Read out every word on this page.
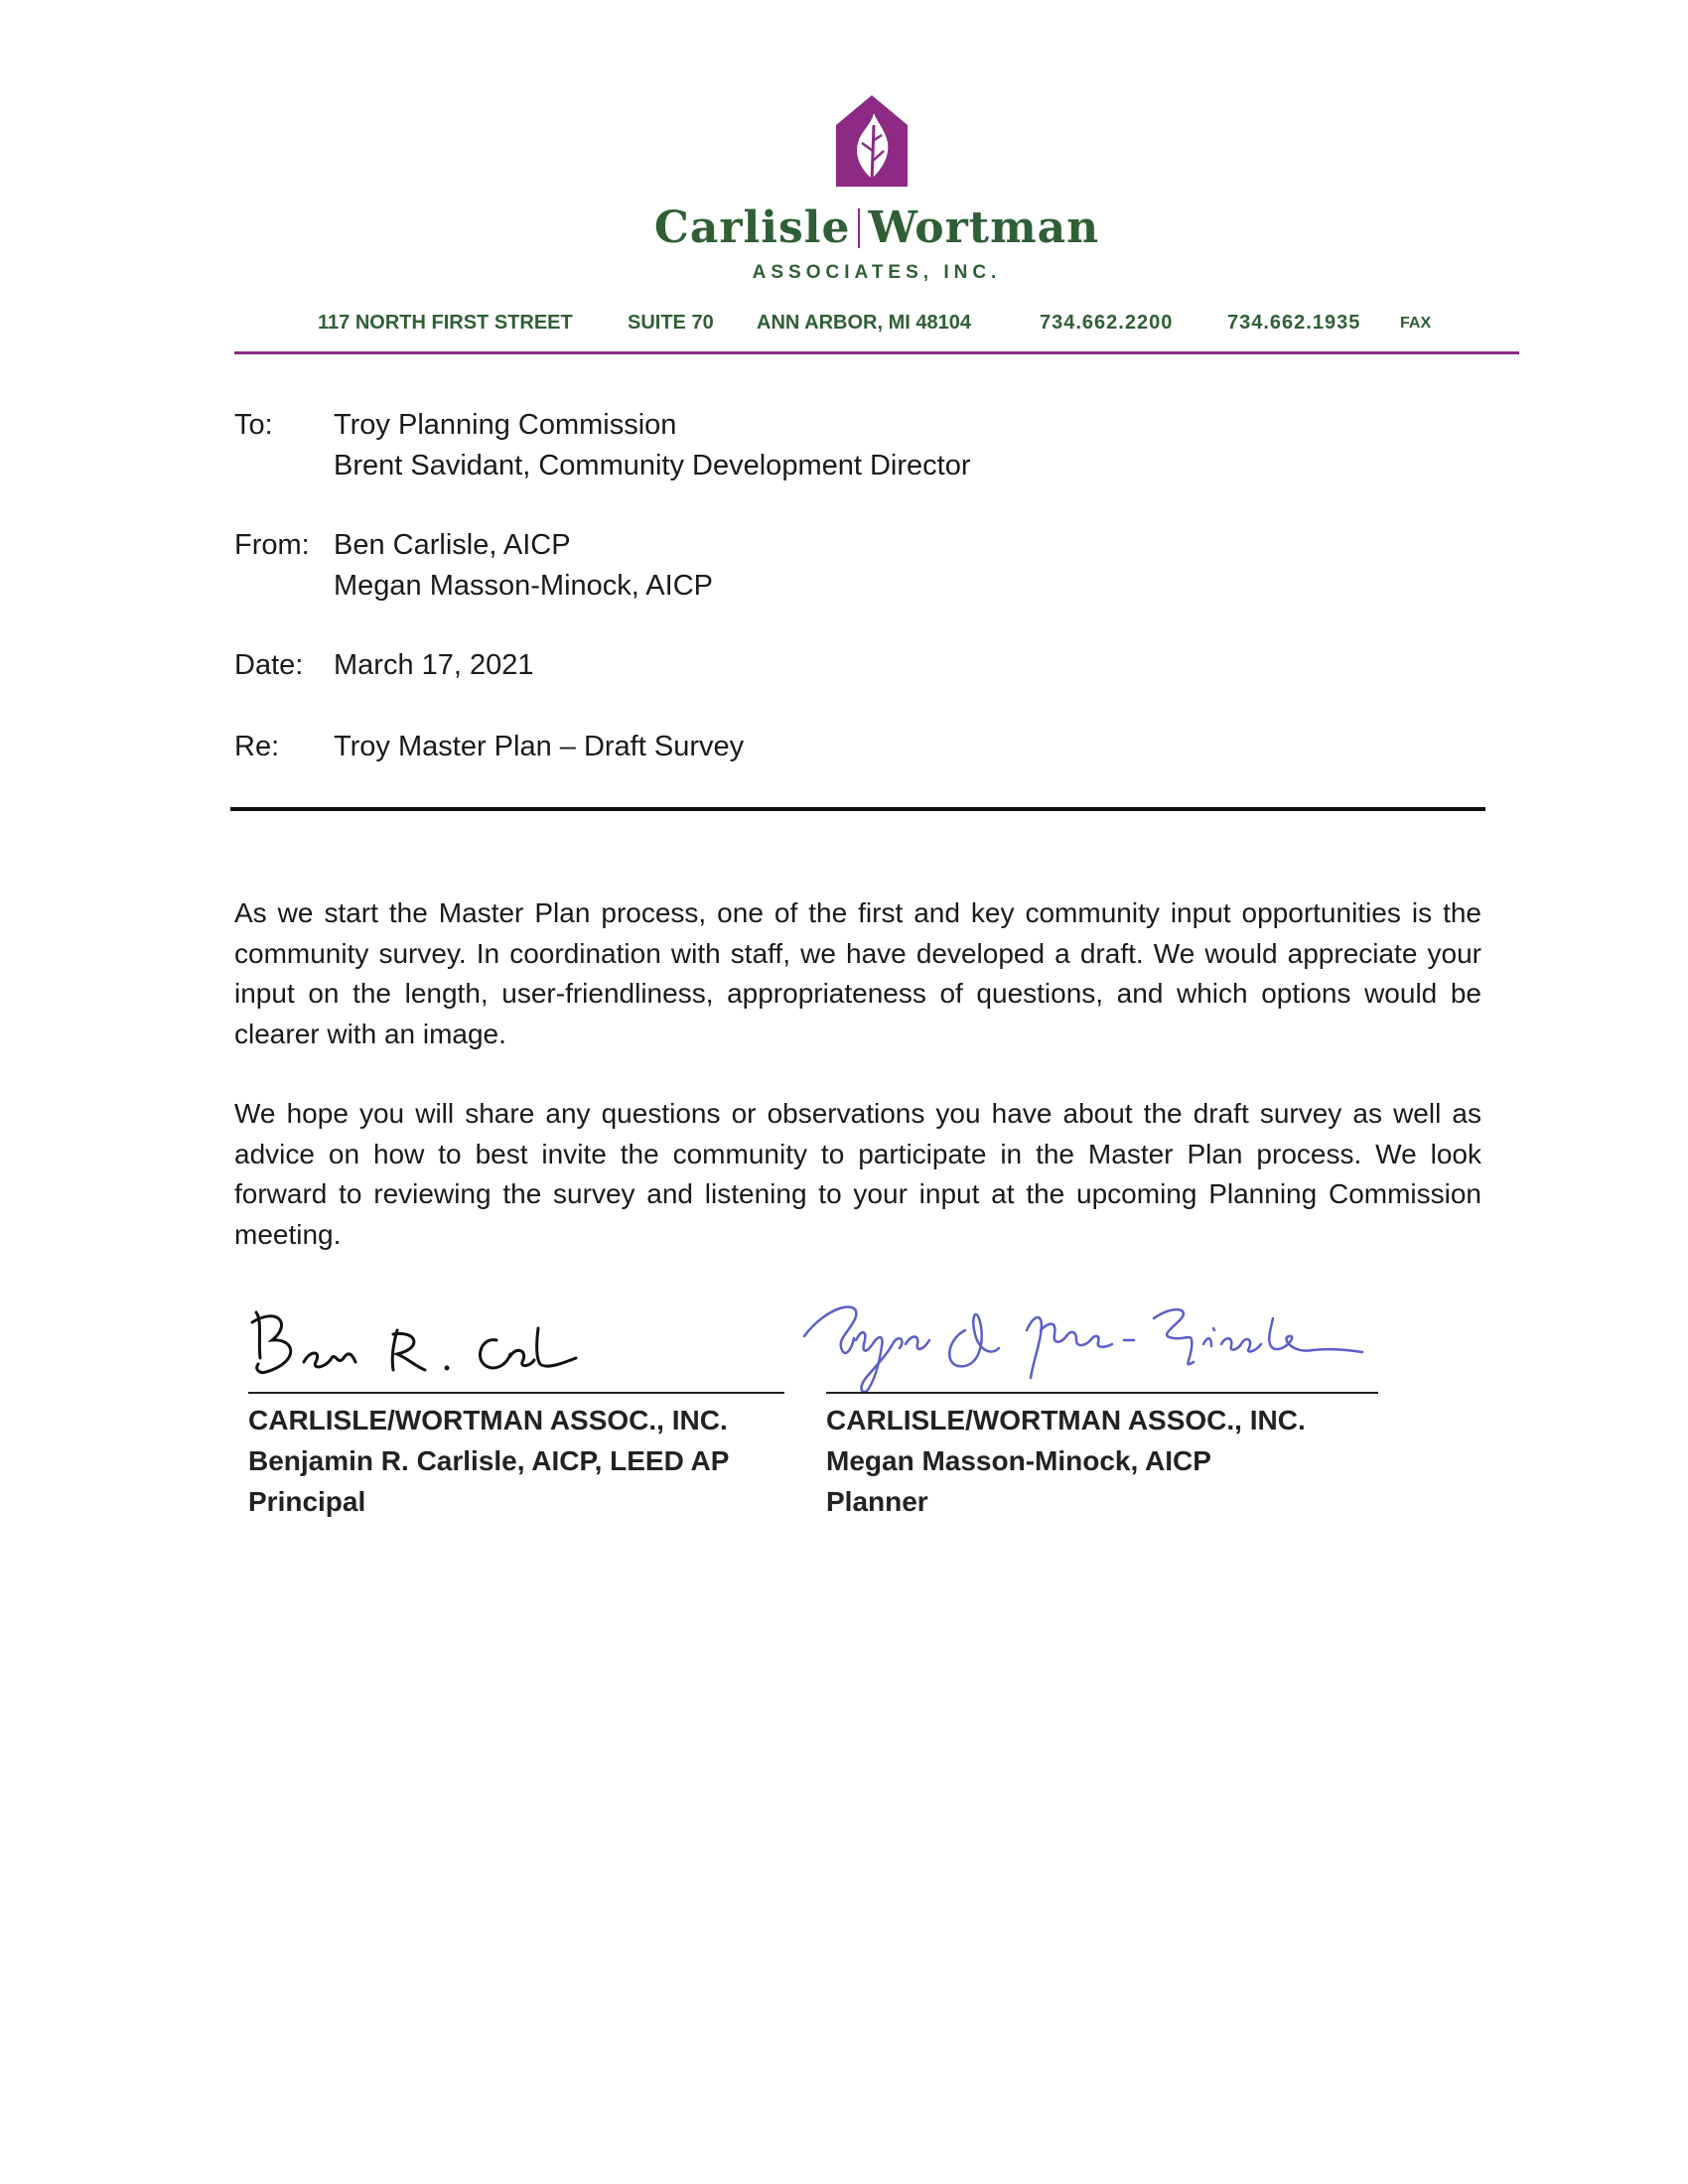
Carlisle Wortman
ASSOCIATES, INC.
117 NORTH FIRST STREET	SUITE 70 ANN ARBOR, MI 48104	734.662.2200	734.662.1935 FAX
To:	Troy Planning Commission
Brent Savidant, Community Development Director
From: Ben Carlisle, AICP
Megan Masson-Minock, AICP
Date:	March 17, 2021
Re:	Troy Master Plan – Draft Survey

As we start the Master Plan process, one of the first and key community input opportunities is the community survey. In coordination with staff, we have developed a draft. We would appreciate your input on the length, user-friendliness, appropriateness of questions, and which options would be clearer with an image.

We hope you will share any questions or observations you have about the draft survey as well as advice on how to best invite the community to participate in the Master Plan process. We look forward to reviewing the survey and listening to your input at the upcoming Planning Commission meeting.

CARLISLE/WORTMAN ASSOC., INC.
Benjamin R. Carlisle, AICP, LEED AP
Principal
CARLISLE/WORTMAN ASSOC., INC.
Megan Masson-Minock, AICP
Planner
